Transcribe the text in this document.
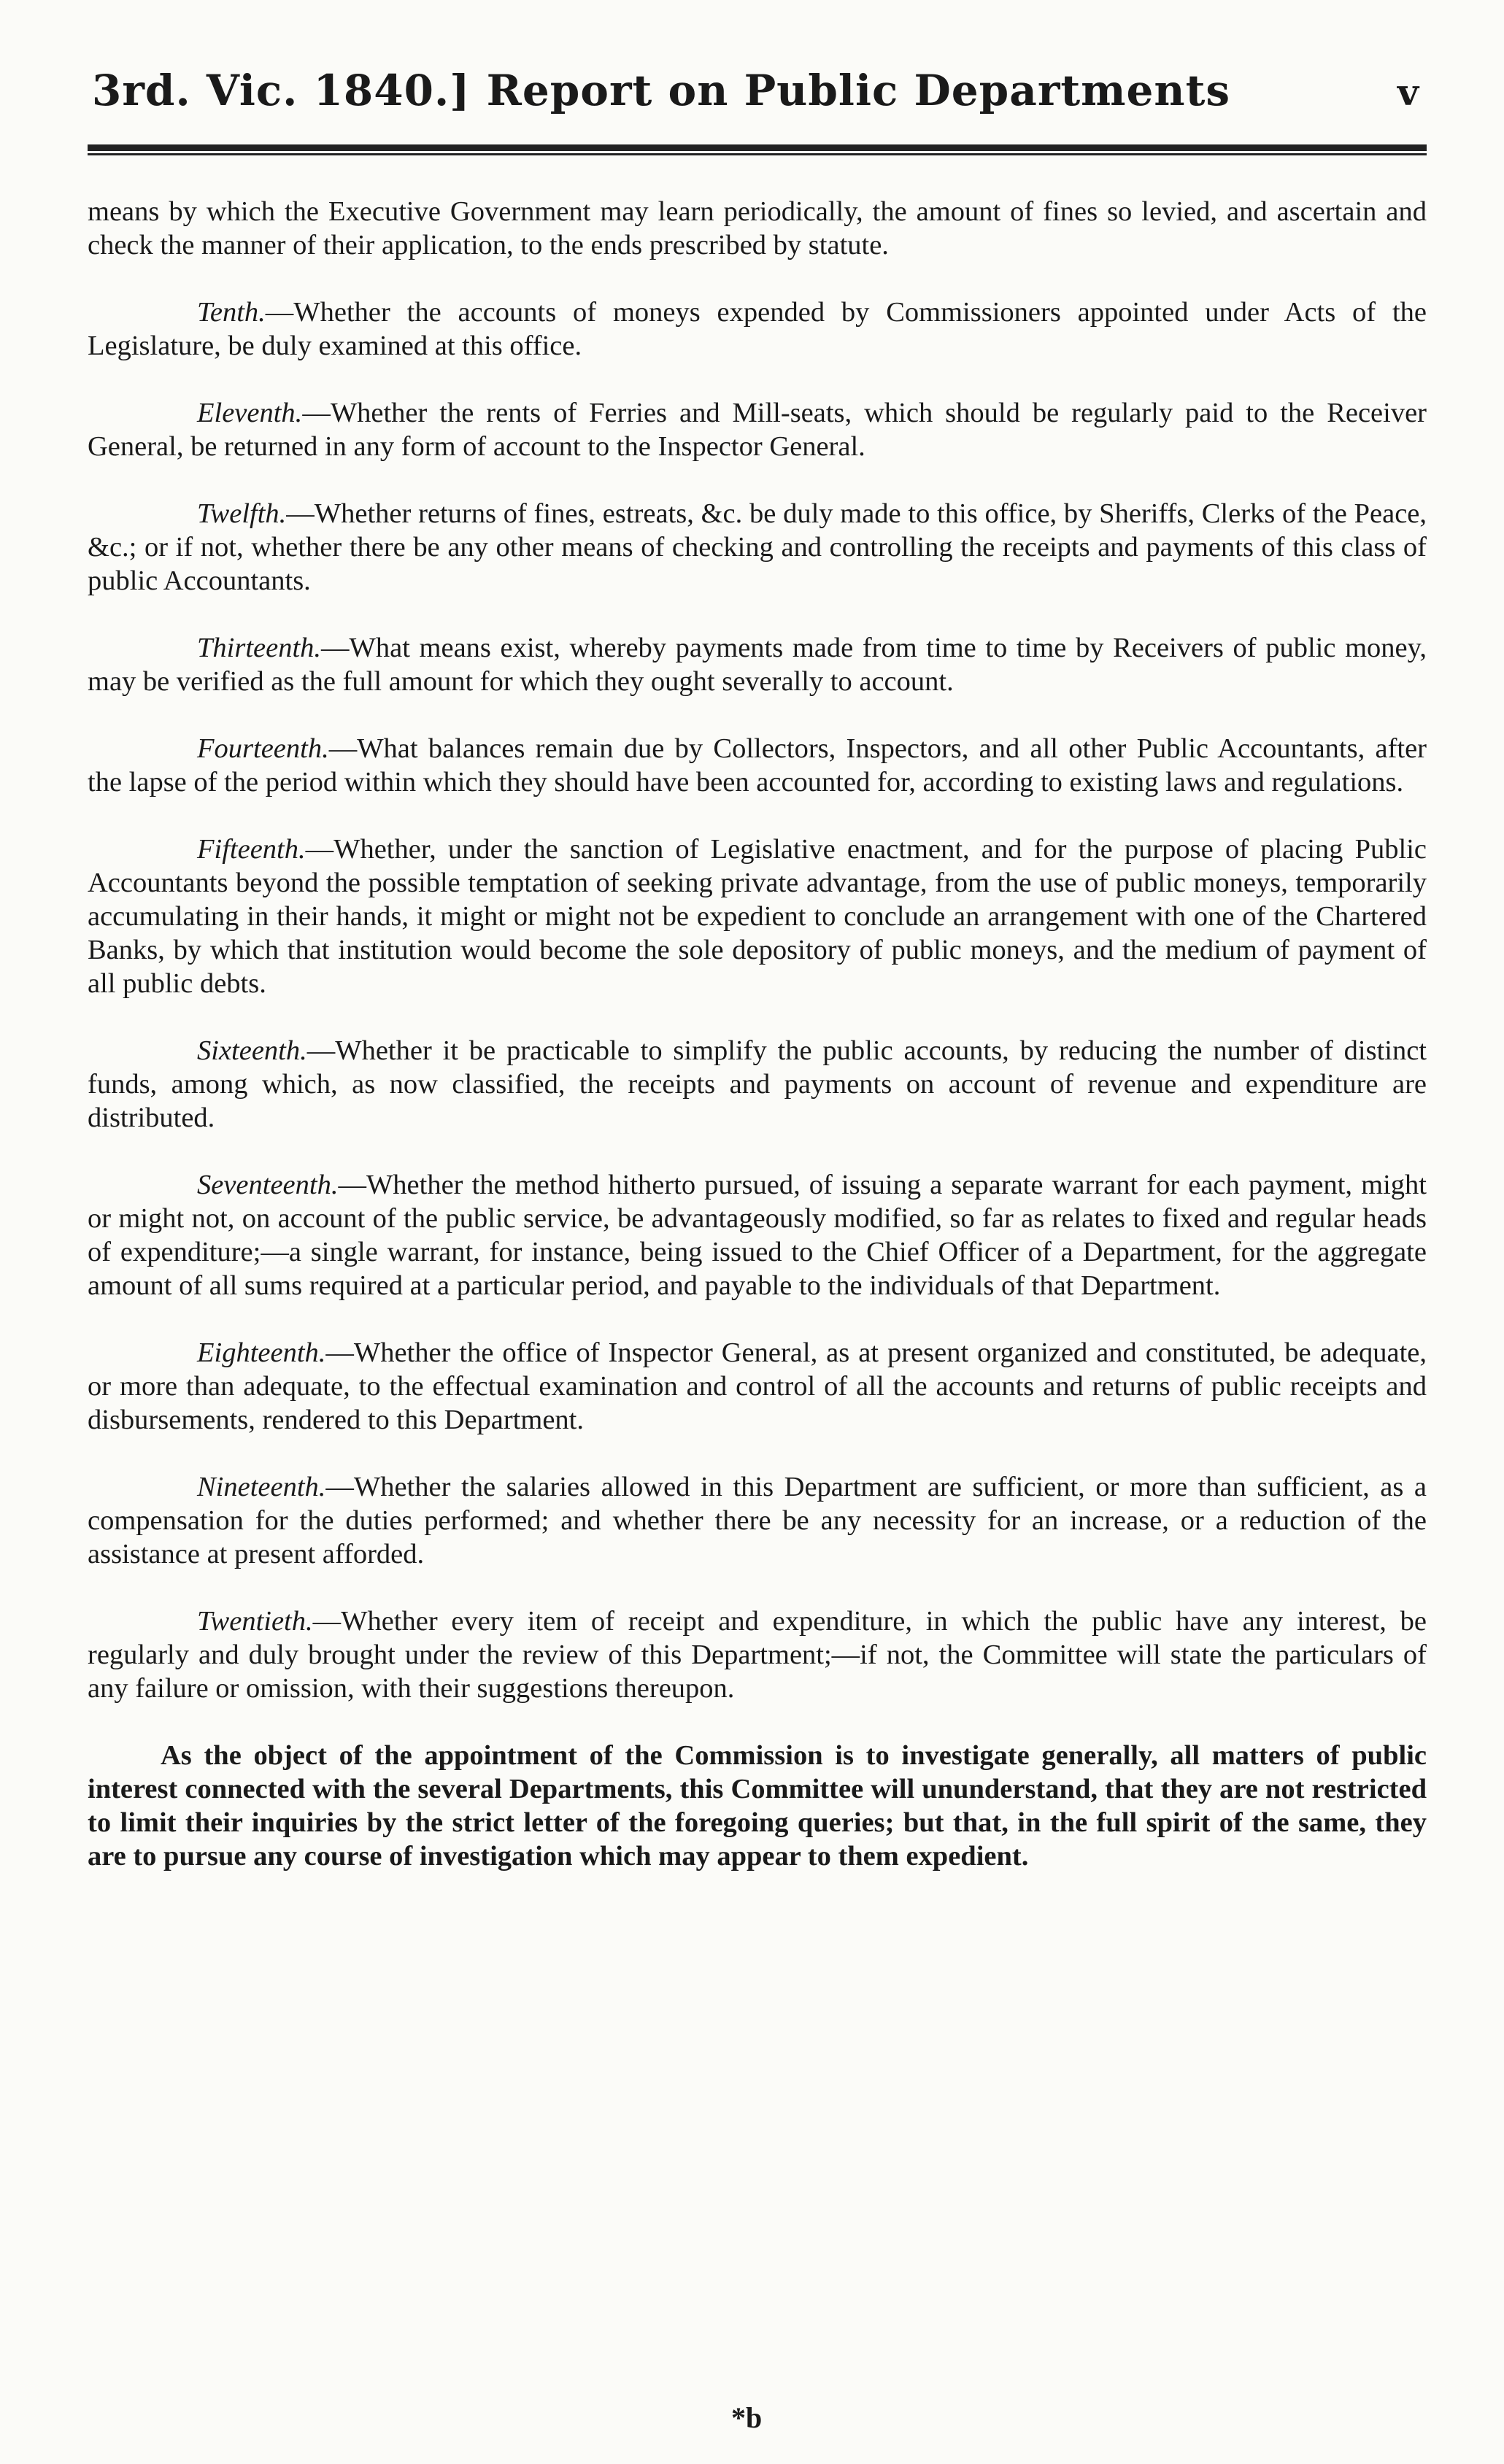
3rd. Vic. 1840.] Report on Public Departments	v

means by which the Executive Government may learn periodically, the amount of fines so levied, and ascertain and check the manner of their application, to the ends prescribed by statute.

Tenth.—Whether the accounts of moneys expended by Commissioners appointed under Acts of the Legislature, be duly examined at this office.

Eleventh.—Whether the rents of Ferries and Mill-seats, which should be regularly paid to the Receiver General, be returned in any form of account to the Inspector General.

Twelfth.—Whether returns of fines, estreats, &c. be duly made to this office, by Sheriffs, Clerks of the Peace, &c.; or if not, whether there be any other means of checking and controlling the receipts and payments of this class of public Accountants.

Thirteenth.—What means exist, whereby payments made from time to time by Receivers of public money, may be verified as the full amount for which they ought severally to account.

Fourteenth.—What balances remain due by Collectors, Inspectors, and all other Public Accountants, after the lapse of the period within which they should have been accounted for, according to existing laws and regulations.

Fifteenth.—Whether, under the sanction of Legislative enactment, and for the purpose of placing Public Accountants beyond the possible temptation of seeking private advantage, from the use of public moneys, temporarily accumulating in their hands, it might or might not be expedient to conclude an arrangement with one of the Chartered Banks, by which that institution would become the sole depository of public moneys, and the medium of payment of all public debts.

Sixteenth.—Whether it be practicable to simplify the public accounts, by reducing the number of distinct funds, among which, as now classified, the receipts and payments on account of revenue and expenditure are distributed.

Seventeenth.—Whether the method hitherto pursued, of issuing a separate warrant for each payment, might or might not, on account of the public service, be advantageously modified, so far as relates to fixed and regular heads of expenditure;—a single warrant, for instance, being issued to the Chief Officer of a Department, for the aggregate amount of all sums required at a particular period, and payable to the individuals of that Department.

Eighteenth.—Whether the office of Inspector General, as at present organized and constituted, be adequate, or more than adequate, to the effectual examination and control of all the accounts and returns of public receipts and disbursements, rendered to this Department.

Nineteenth.—Whether the salaries allowed in this Department are sufficient, or more than sufficient, as a compensation for the duties performed; and whether there be any necessity for an increase, or a reduction of the assistance at present afforded.

Twentieth.—Whether every item of receipt and expenditure, in which the public have any interest, be regularly and duly brought under the review of this Department;—if not, the Committee will state the particulars of any failure or omission, with their suggestions thereupon.

As the object of the appointment of the Commission is to investigate generally, all matters of public interest connected with the several Departments, this Committee will ununderstand, that they are not restricted to limit their inquiries by the strict letter of the foregoing queries; but that, in the full spirit of the same, they are to pursue any course of investigation which may appear to them expedient.

*b
